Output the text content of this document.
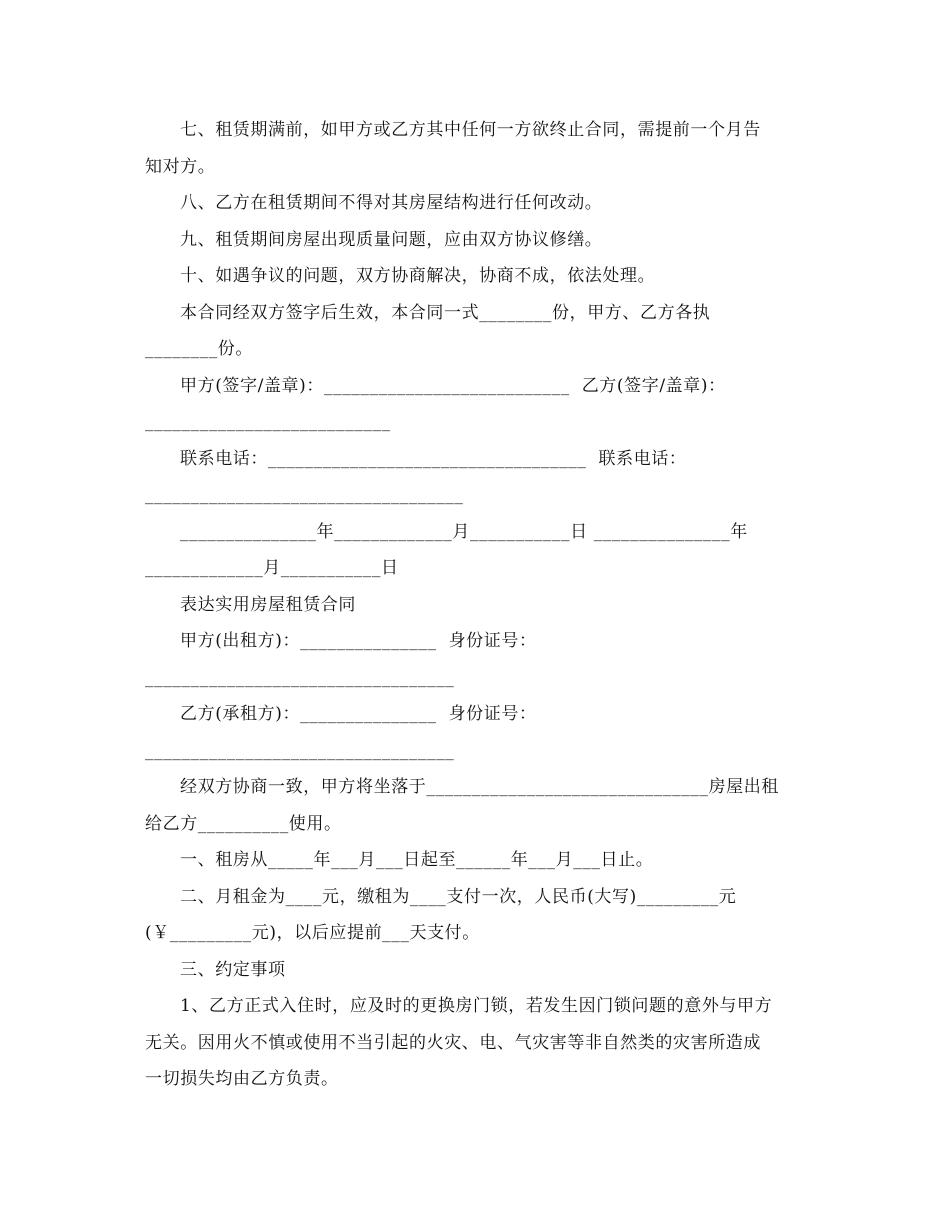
七、租赁期满前，如甲方或乙方其中任何一方欲终止合同，需提前一个月告
知对方。
八、乙方在租赁期间不得对其房屋结构进行任何改动。
九、租赁期间房屋出现质量问题，应由双方协议修缮。
十、如遇争议的问题，双方协商解决，协商不成，依法处理。
本合同经双方签字后生效，本合同一式________份，甲方、乙方各执
________份。
甲方(签字/盖章)：___________________________  乙方(签字/盖章)：
___________________________
联系电话：___________________________________  联系电话：
___________________________________
_______________年_____________月___________日 _______________年
_____________月___________日
表达实用房屋租赁合同
甲方(出租方)：_______________  身份证号：
__________________________________
乙方(承租方)：_______________  身份证号：
__________________________________
经双方协商一致，甲方将坐落于_______________________________房屋出租
给乙方__________使用。
一、租房从_____年___月___日起至______年___月___日止。
二、月租金为____元，缴租为____支付一次，人民币(大写)_________元
(￥_________元)，以后应提前___天支付。
三、约定事项
1、乙方正式入住时，应及时的更换房门锁，若发生因门锁问题的意外与甲方
无关。因用火不慎或使用不当引起的火灾、电、气灾害等非自然类的灾害所造成
一切损失均由乙方负责。
